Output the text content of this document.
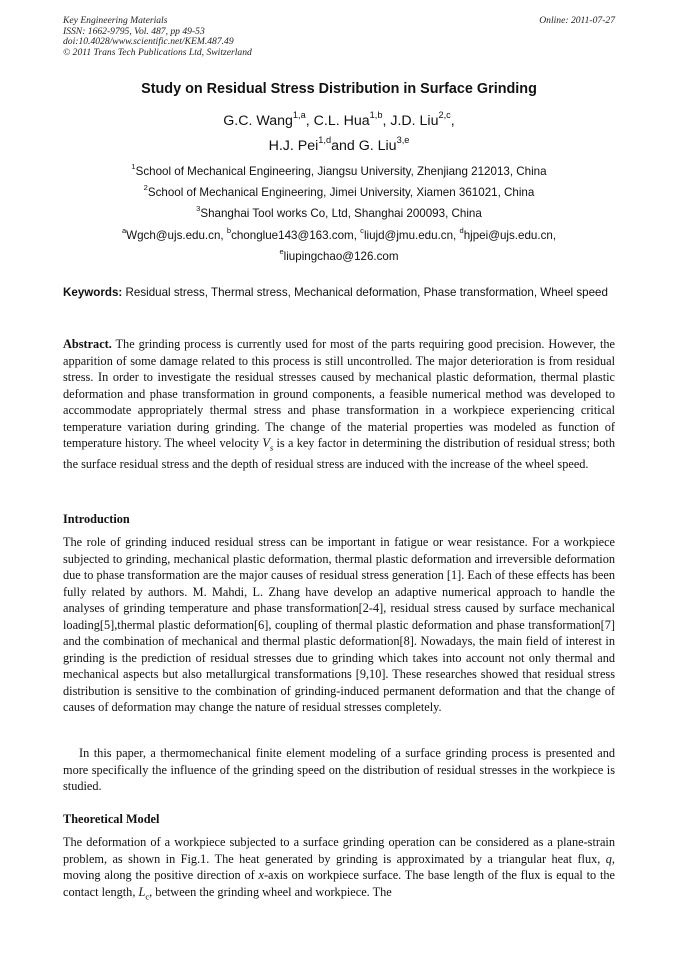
Key Engineering Materials
ISSN: 1662-9795, Vol. 487, pp 49-53
doi:10.4028/www.scientific.net/KEM.487.49
© 2011 Trans Tech Publications Ltd, Switzerland
Online: 2011-07-27
Study on Residual Stress Distribution in Surface Grinding
G.C. Wang$^{1,a}$, C.L. Hua$^{1,b}$, J.D. Liu$^{2,c}$,
H.J. Pei$^{1,d}$and G. Liu$^{3,e}$
$^1$School of Mechanical Engineering, Jiangsu University, Zhenjiang 212013, China
$^2$School of Mechanical Engineering, Jimei University, Xiamen 361021, China
$^3$Shanghai Tool works Co, Ltd, Shanghai 200093, China
$^a$Wgch@ujs.edu.cn, $^b$chonglue143@163.com, $^c$liujd@jmu.edu.cn, $^d$hjpei@ujs.edu.cn,
$^e$liupingchao@126.com
Keywords: Residual stress, Thermal stress, Mechanical deformation, Phase transformation, Wheel speed
Abstract. The grinding process is currently used for most of the parts requiring good precision. However, the apparition of some damage related to this process is still uncontrolled. The major deterioration is from residual stress. In order to investigate the residual stresses caused by mechanical plastic deformation, thermal plastic deformation and phase transformation in ground components, a feasible numerical method was developed to accommodate appropriately thermal stress and phase transformation in a workpiece experiencing critical temperature variation during grinding. The change of the material properties was modeled as function of temperature history. The wheel velocity $V_s$ is a key factor in determining the distribution of residual stress; both the surface residual stress and the depth of residual stress are induced with the increase of the wheel speed.
Introduction
The role of grinding induced residual stress can be important in fatigue or wear resistance. For a workpiece subjected to grinding, mechanical plastic deformation, thermal plastic deformation and irreversible deformation due to phase transformation are the major causes of residual stress generation [1]. Each of these effects has been fully related by authors. M. Mahdi, L. Zhang have develop an adaptive numerical approach to handle the analyses of grinding temperature and phase transformation[2-4], residual stress caused by surface mechanical loading[5],thermal plastic deformation[6], coupling of thermal plastic deformation and phase transformation[7] and the combination of mechanical and thermal plastic deformation[8]. Nowadays, the main field of interest in grinding is the prediction of residual stresses due to grinding which takes into account not only thermal and mechanical aspects but also metallurgical transformations [9,10]. These researches showed that residual stress distribution is sensitive to the combination of grinding-induced permanent deformation and that the change of causes of deformation may change the nature of residual stresses completely.
In this paper, a thermomechanical finite element modeling of a surface grinding process is presented and more specifically the influence of the grinding speed on the distribution of residual stresses in the workpiece is studied.
Theoretical Model
The deformation of a workpiece subjected to a surface grinding operation can be considered as a plane-strain problem, as shown in Fig.1. The heat generated by grinding is approximated by a triangular heat flux, q, moving along the positive direction of x-axis on workpiece surface. The base length of the flux is equal to the contact length, $L_c$, between the grinding wheel and workpiece. The
